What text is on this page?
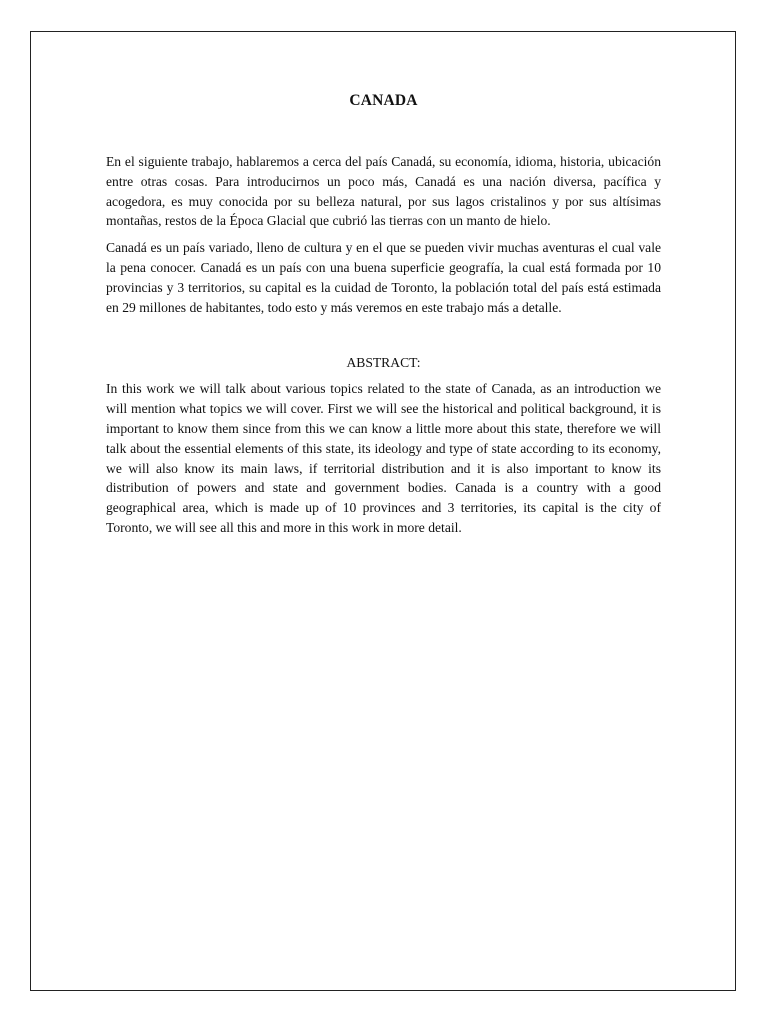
CANADA

En el siguiente trabajo, hablaremos a cerca del país Canadá, su economía, idioma, historia, ubicación entre otras cosas. Para introducirnos un poco más, Canadá es una nación diversa, pacífica y acogedora, es muy conocida por su belleza natural, por sus lagos cristalinos y por sus altísimas montañas, restos de la Época Glacial que cubrió las tierras con un manto de hielo.

Canadá es un país variado, lleno de cultura y en el que se pueden vivir muchas aventuras el cual vale la pena conocer. Canadá es un país con una buena superficie geografía, la cual está formada por 10 provincias y 3 territorios, su capital es la cuidad de Toronto, la población total del país está estimada en 29 millones de habitantes, todo esto y más veremos en este trabajo más a detalle.

ABSTRACT:

In this work we will talk about various topics related to the state of Canada, as an introduction we will mention what topics we will cover. First we will see the historical and political background, it is important to know them since from this we can know a little more about this state, therefore we will talk about the essential elements of this state, its ideology and type of state according to its economy, we will also know its main laws, if territorial distribution and it is also important to know its distribution of powers and state and government bodies. Canada is a country with a good geographical area, which is made up of 10 provinces and 3 territories, its capital is the city of Toronto, we will see all this and more in this work in more detail.
